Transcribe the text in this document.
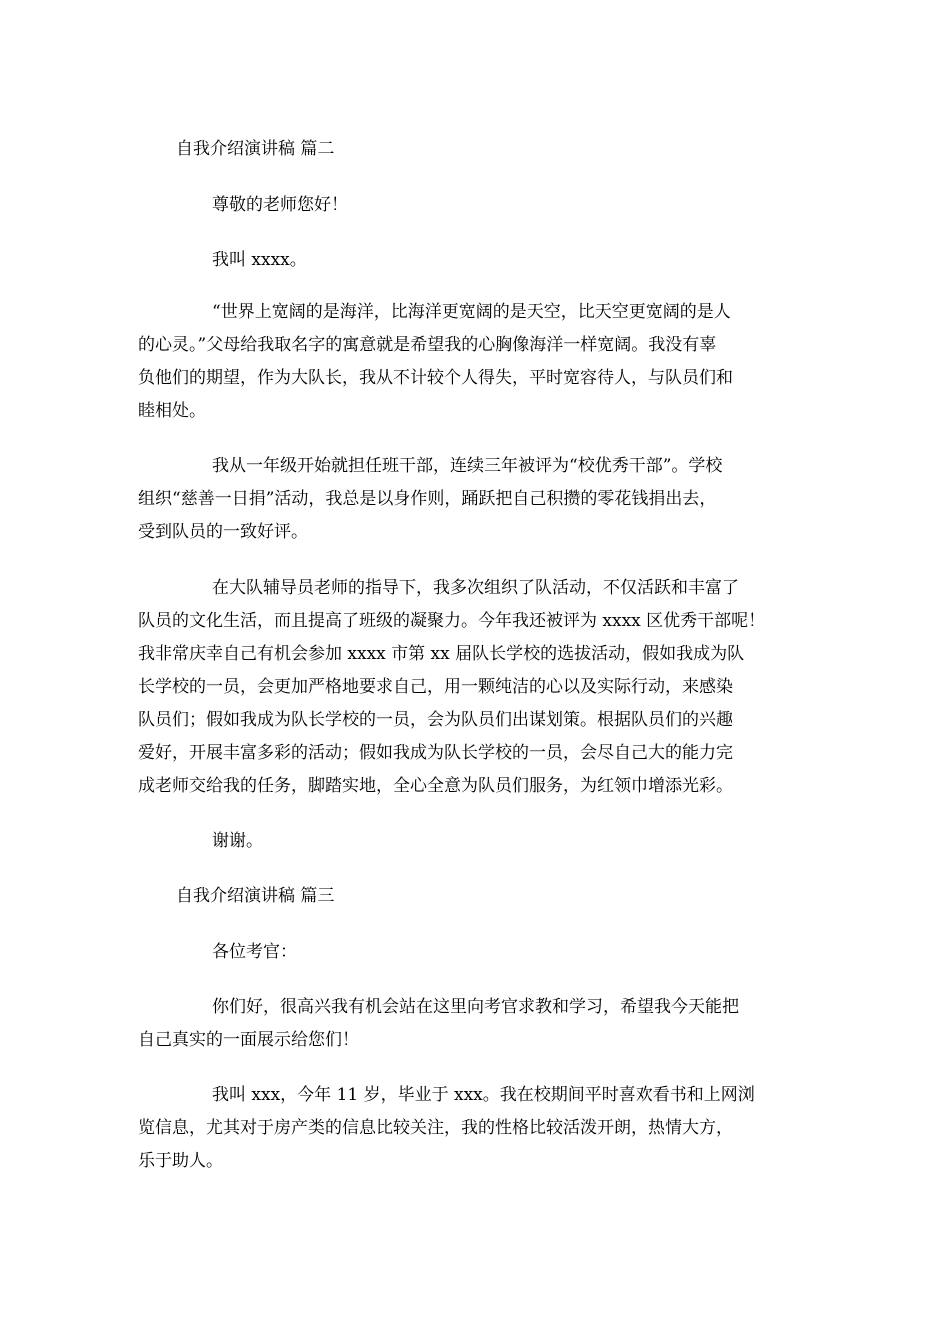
自我介绍演讲稿 篇二
尊敬的老师您好！
我叫 xxxx。
“世界上宽阔的是海洋，比海洋更宽阔的是天空，比天空更宽阔的是人
的心灵。”父母给我取名字的寓意就是希望我的心胸像海洋一样宽阔。我没有辜
负他们的期望，作为大队长，我从不计较个人得失，平时宽容待人，与队员们和
睦相处。
我从一年级开始就担任班干部，连续三年被评为“校优秀干部”。学校
组织“慈善一日捐”活动，我总是以身作则，踊跃把自己积攒的零花钱捐出去，
受到队员的一致好评。
在大队辅导员老师的指导下，我多次组织了队活动，不仅活跃和丰富了
队员的文化生活，而且提高了班级的凝聚力。今年我还被评为 xxxx 区优秀干部呢！
我非常庆幸自己有机会参加 xxxx 市第 xx 届队长学校的选拔活动，假如我成为队
长学校的一员，会更加严格地要求自己，用一颗纯洁的心以及实际行动，来感染
队员们；假如我成为队长学校的一员，会为队员们出谋划策。根据队员们的兴趣
爱好，开展丰富多彩的活动；假如我成为队长学校的一员，会尽自己大的能力完
成老师交给我的任务，脚踏实地，全心全意为队员们服务，为红领巾增添光彩。
谢谢。
自我介绍演讲稿 篇三
各位考官：
你们好，很高兴我有机会站在这里向考官求教和学习，希望我今天能把
自己真实的一面展示给您们！
我叫 xxx，今年 11 岁，毕业于 xxx。我在校期间平时喜欢看书和上网浏
览信息，尤其对于房产类的信息比较关注，我的性格比较活泼开朗，热情大方，
乐于助人。
